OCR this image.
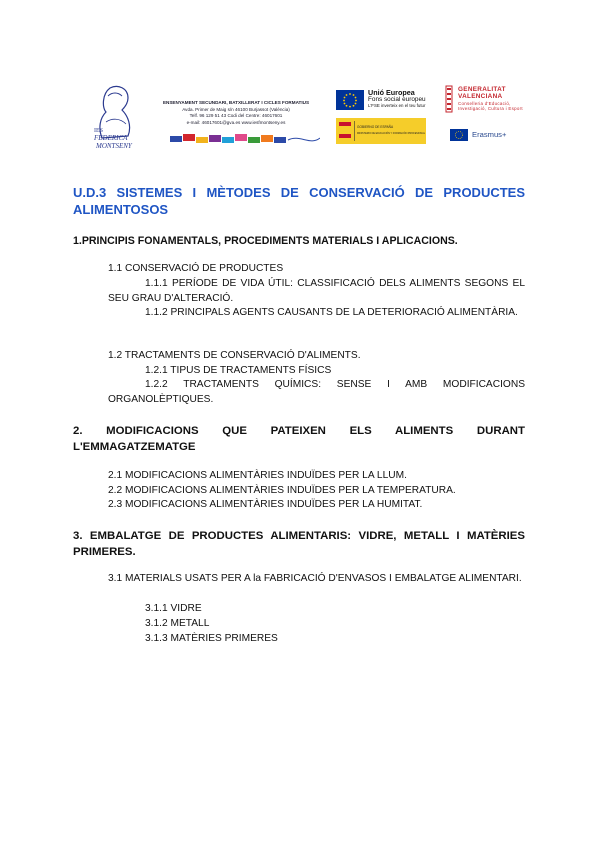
IES
FEDERICA
MONTSENY
ENSENYAMENT SECUNDARI, BATXILLERAT I CICLES FORMATIUS
Avda. Primer de Maig s/n 46100 Burjassot (València)
Telf. 96 129 51 43 Codi del Centre: 46017601
e-mail: 46017601@gva.es www.iesfmontseny.es
Unió Europea
Fons social europeu
L'FSE inverteix en el teu futur
GOBIERNO DE ESPAÑA
MINISTERIO DE EDUCACIÓN Y FORMACIÓN PROFESIONAL
GENERALITAT
VALENCIANA
Conselleria d'Educació,
Investigació, Cultura i Esport
Erasmus+
U.D.3 SISTEMES I MÈTODES DE CONSERVACIÓ DE PRODUCTES ALIMENTOSOS
1.PRINCIPIS FONAMENTALS, PROCEDIMENTS MATERIALS I APLICACIONS.

1.1 CONSERVACIÓ DE PRODUCTES

1.1.1 PERÍODE DE VIDA ÚTIL: CLASSIFICACIÓ DELS ALIMENTS SEGONS EL SEU GRAU D'ALTERACIÓ.

1.1.2 PRINCIPALS AGENTS CAUSANTS DE LA DETERIORACIÓ ALIMENTÀRIA.

1.2 TRACTAMENTS DE CONSERVACIÓ D'ALIMENTS.

1.2.1 TIPUS DE TRACTAMENTS FÍSICS

1.2.2 TRACTAMENTS QUÍMICS: SENSE I AMB MODIFICACIONS ORGANOLÈPTIQUES.

2. MODIFICACIONS QUE PATEIXEN ELS ALIMENTS DURANT L'EMMAGATZEMATGE

2.1 MODIFICACIONS ALIMENTÀRIES INDUÏDES PER LA LLUM.

2.2 MODIFICACIONS ALIMENTÀRIES INDUÏDES PER LA TEMPERATURA.

2.3 MODIFICACIONS ALIMENTÀRIES INDUÏDES PER LA HUMITAT.

3. EMBALATGE DE PRODUCTES ALIMENTARIS: VIDRE, METALL I MATÈRIES PRIMERES.

3.1 MATERIALS USATS PER A la FABRICACIÓ D'ENVASOS I EMBALATGE ALIMENTARI.

3.1.1 VIDRE

3.1.2 METALL

3.1.3 MATÈRIES PRIMERES
